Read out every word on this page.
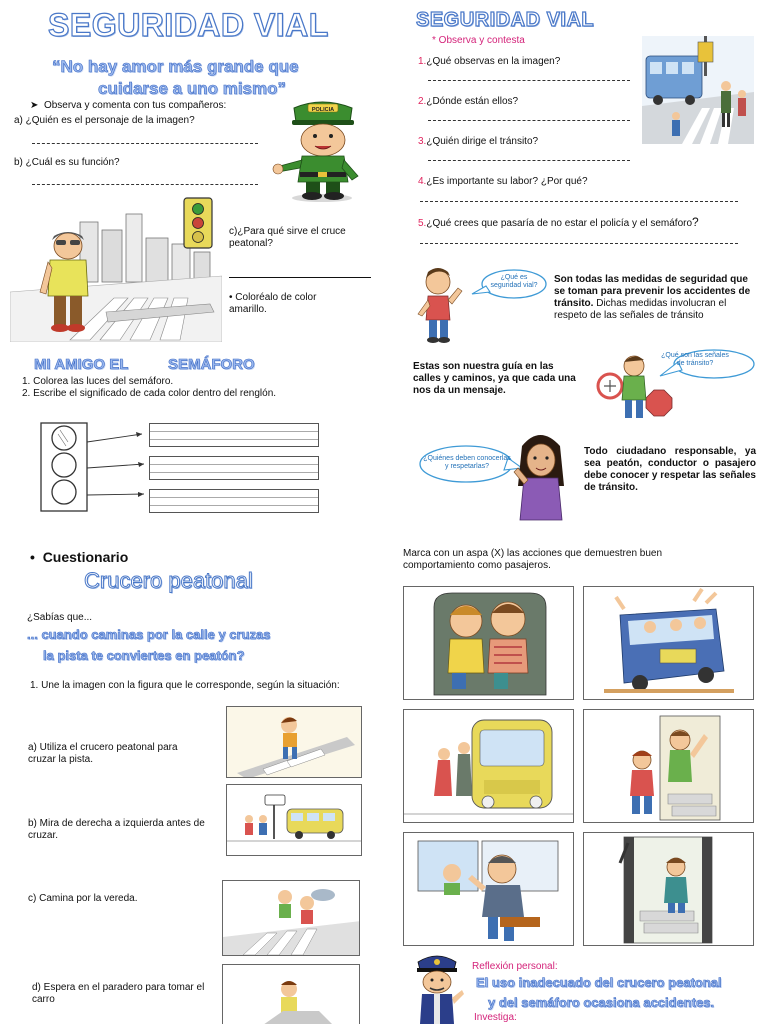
SEGURIDAD VIAL
“No hay amor más grande que
cuidarse a uno mismo”
➤  Observa y comenta con tus compañeros:
a) ¿Quién es el personaje de la imagen?
b) ¿Cuál es su función?
POLICIA
c)¿Para qué sirve el cruce peatonal?
• Coloréalo de color amarillo.
MI AMIGO EL	SEMÁFORO
1. Colorea las luces del semáforo.
2. Escribe el significado de cada color dentro del renglón.
SEGURIDAD VIAL
* Observa y contesta
1.¿Qué observas en la imagen?
2.¿Dónde están ellos?
3.¿Quién dirige el tránsito?
4.¿Es importante su labor? ¿Por qué?
5.¿Qué crees que pasaría de no estar el policía y el semáforo?
¿Qué es seguridad vial?
Son todas las medidas de seguridad que se toman para prevenir los accidentes de tránsito. Dichas medidas involucran el respeto de las señales de tránsito
Estas son nuestra guía en las calles y caminos, ya que cada una nos da un mensaje.
¿Qué son las señales de tránsito?
¿Quiénes deben conocerlas y respetarlas?
Todo ciudadano responsable, ya sea peatón, conductor o pasajero debe conocer y respetar las señales de tránsito.
•  Cuestionario
Crucero peatonal
¿Sabías que...
... cuando caminas por la calle y cruzas
la pista te conviertes en peatón?
1. Une la imagen con la figura que le corresponde, según la situación:
a) Utiliza el crucero peatonal para cruzar la pista.
b) Mira de derecha a izquierda antes de cruzar.
c) Camina por la vereda.
d) Espera en el paradero para tomar el carro
Marca con un aspa (X) las acciones que demuestren buen comportamiento como pasajeros.
Reflexión personal:
El uso inadecuado del crucero peatonal
y del semáforo ocasiona accidentes.
Investiga:
